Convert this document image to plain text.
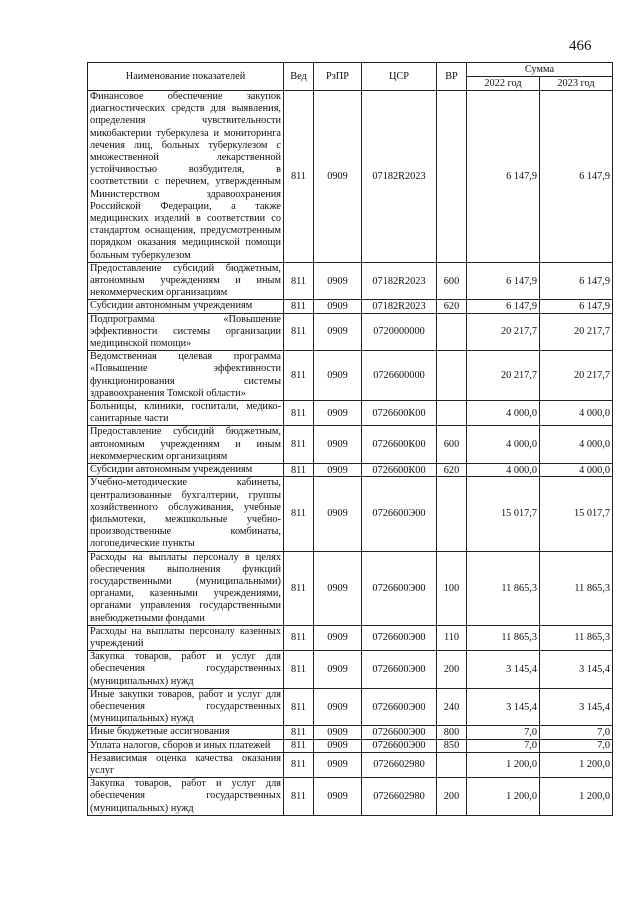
466
Наименование показателей	Вед	РзПР	ЦСР	ВР	Сумма	
					2022 год	2023 год
Финансовое обеспечение закупок диагностических средств для выявления, определения чувствительности микобактерии туберкулеза и мониторинга лечения лиц, больных туберкулезом с множественной лекарственной устойчивостью возбудителя, в соответствии с перечнем, утвержденным Министерством здравоохранения Российской Федерации, а также медицинских изделий в соответствии со стандартом оснащения, предусмотренным порядком оказания медицинской помощи больным туберкулезом	811	0909	07182R2023		6 147,9	6 147,9
Предоставление субсидий бюджетным, автономным учреждениям и иным некоммерческим организациям	811	0909	07182R2023	600	6 147,9	6 147,9
Субсидии автономным учреждениям	811	0909	07182R2023	620	6 147,9	6 147,9
Подпрограмма «Повышение эффективности системы организации медицинской помощи»	811	0909	0720000000		20 217,7	20 217,7
Ведомственная целевая программа «Повышение эффективности функционирования системы здравоохранения Томской области»	811	0909	0726600000		20 217,7	20 217,7
Больницы, клиники, госпитали, медико-санитарные части	811	0909	0726600К00		4 000,0	4 000,0
Предоставление субсидий бюджетным, автономным учреждениям и иным некоммерческим организациям	811	0909	0726600К00	600	4 000,0	4 000,0
Субсидии автономным учреждениям	811	0909	0726600К00	620	4 000,0	4 000,0
Учебно-методические кабинеты, централизованные бухгалтерии, группы хозяйственного обслуживания, учебные фильмотеки, межшкольные учебно-производственные комбинаты, логопедические пункты	811	0909	0726600Э00		15 017,7	15 017,7
Расходы на выплаты персоналу в целях обеспечения выполнения функций государственными (муниципальными) органами, казенными учреждениями, органами управления государственными внебюджетными фондами	811	0909	0726600Э00	100	11 865,3	11 865,3
Расходы на выплаты персоналу казенных учреждений	811	0909	0726600Э00	110	11 865,3	11 865,3
Закупка товаров, работ и услуг для обеспечения государственных (муниципальных) нужд	811	0909	0726600Э00	200	3 145,4	3 145,4
Иные закупки товаров, работ и услуг для обеспечения государственных (муниципальных) нужд	811	0909	0726600Э00	240	3 145,4	3 145,4
Иные бюджетные ассигнования	811	0909	0726600Э00	800	7,0	7,0
Уплата налогов, сборов и иных платежей	811	0909	0726600Э00	850	7,0	7,0
Независимая оценка качества оказания услуг	811	0909	0726602980		1 200,0	1 200,0
Закупка товаров, работ и услуг для обеспечения государственных (муниципальных) нужд	811	0909	0726602980	200	1 200,0	1 200,0
